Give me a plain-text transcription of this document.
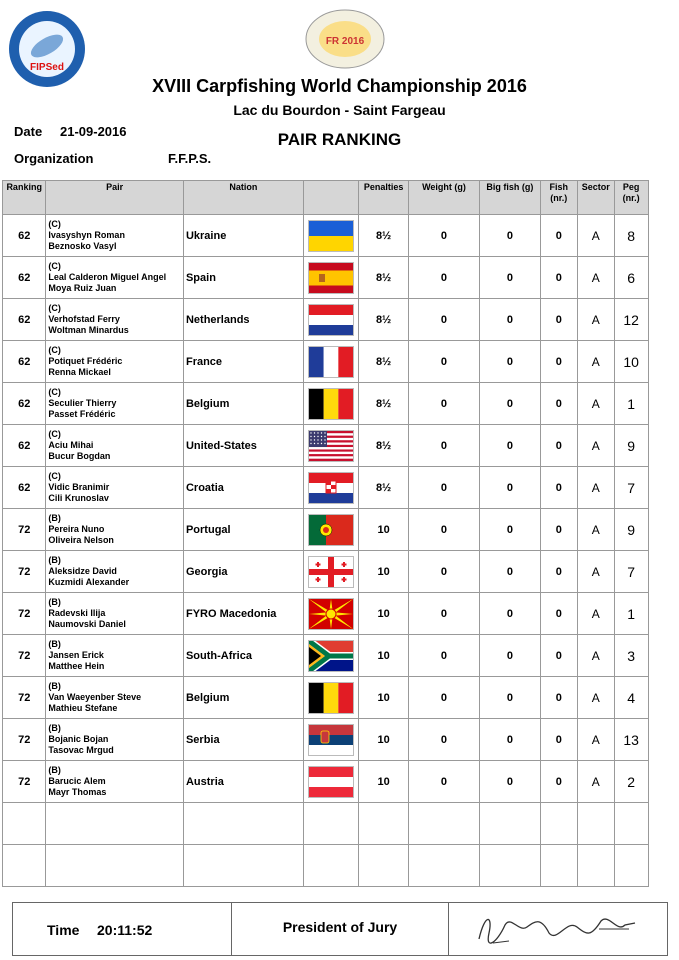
FIPSed
FR 2016
XVIII Carpfishing World Championship 2016
Lac du Bourdon - Saint Fargeau
PAIR RANKING
Date 21-09-2016
Organization	F.F.P.S.
Ranking	Pair	Nation		Penalties	Weight (g)	Big fish (g)	Fish (nr.)	Sector	Peg (nr.)
62	(C)
Ivasyshyn Roman
Beznosko Vasyl	Ukraine		8½	0	0	0	A	8
62	(C)
Leal Calderon Miguel Angel
Moya Ruiz Juan	Spain		8½	0	0	0	A	6
62	(C)
Verhofstad Ferry
Woltman Minardus	Netherlands		8½	0	0	0	A	12
62	(C)
Potiquet Frédéric
Renna Mickael	France		8½	0	0	0	A	10
62	(C)
Seculier Thierry
Passet Frédéric	Belgium		8½	0	0	0	A	1
62	(C)
Aciu Mihai
Bucur Bogdan	United-States		8½	0	0	0	A	9
62	(C)
Vidic Branimir
Cili Krunoslav	Croatia		8½	0	0	0	A	7
72	(B)
Pereira Nuno
Oliveira Nelson	Portugal		10	0	0	0	A	9
72	(B)
Aleksidze David
Kuzmidi Alexander	Georgia		10	0	0	0	A	7
72	(B)
Radevski Ilija
Naumovski Daniel	FYRO Macedonia		10	0	0	0	A	1
72	(B)
Jansen Erick
Matthee Hein	South-Africa		10	0	0	0	A	3
72	(B)
Van Waeyenber Steve
Mathieu Stefane	Belgium		10	0	0	0	A	4
72	(B)
Bojanic Bojan
Tasovac Mrgud	Serbia		10	0	0	0	A	13
72	(B)
Barucic Alem
Mayr Thomas	Austria		10	0	0	0	A	2

Time 20:11:52	President of Jury
